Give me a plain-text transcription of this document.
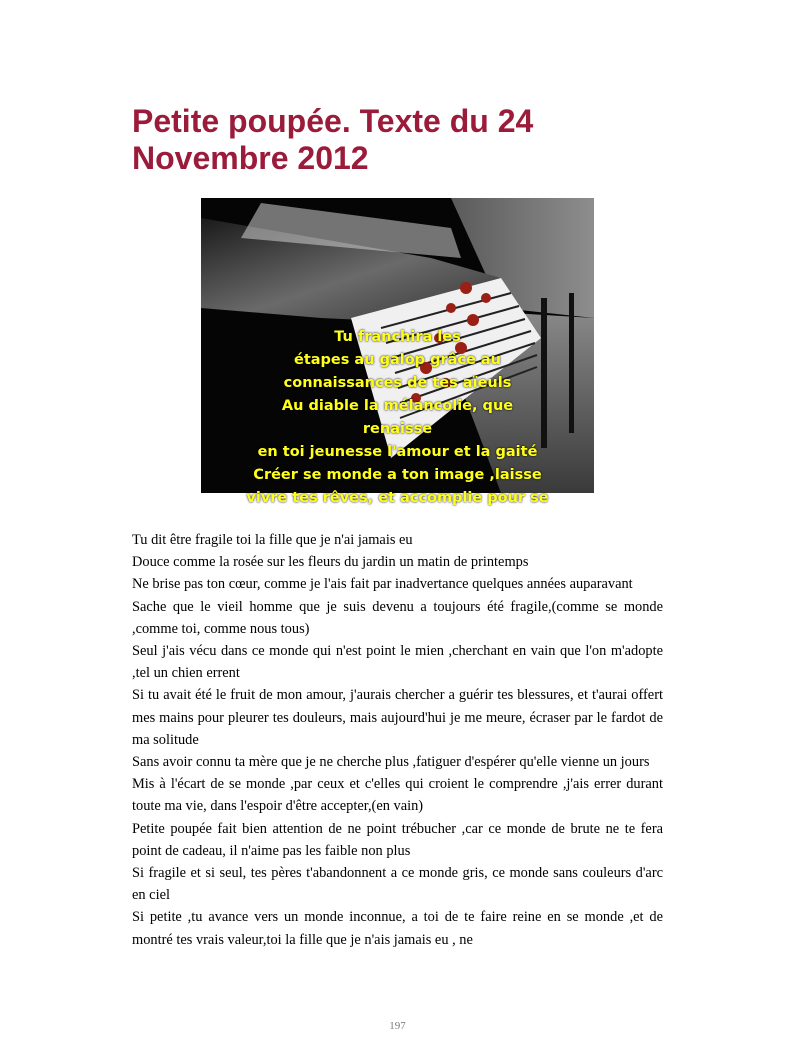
Petite poupée. Texte du 24
Novembre 2012
Tu franchira les
étapes au galop grâce au
connaissances de tes aïeuls
Au diable la mélancolie, que
renaisse
en toi jeunesse l'amour et la gaité
Créer se monde a ton image ,laisse
vivre tes rêves, et accomplie pour se

Tu dit être fragile toi la fille que je n'ai jamais eu

Douce comme la rosée sur les fleurs du jardin un matin de printemps

Ne brise pas ton cœur, comme je l'ais fait par inadvertance quelques années auparavant

Sache que le vieil homme que je suis devenu a toujours été fragile,(comme se monde ,comme toi, comme nous tous)

Seul j'ais vécu dans ce monde qui n'est point le mien ,cherchant en vain que l'on m'adopte ,tel un chien errent

Si tu avait été le fruit de mon amour, j'aurais chercher a guérir tes blessures, et t'aurai offert mes mains pour pleurer tes douleurs, mais aujourd'hui je me meure, écraser par le fardot de ma solitude

Sans avoir connu ta mère que je ne cherche plus ,fatiguer d'espérer qu'elle vienne un jours

Mis à l'écart de se monde ,par ceux et c'elles qui croient le comprendre ,j'ais errer durant toute ma vie, dans l'espoir d'être accepter,(en vain)

Petite poupée fait bien attention de ne point trébucher ,car ce monde de brute ne te fera point de cadeau, il n'aime pas les faible non plus

Si fragile et si seul, tes pères t'abandonnent a ce monde gris, ce monde sans couleurs d'arc en ciel

Si petite ,tu avance vers un monde inconnue, a toi de te faire reine en se monde ,et de montré tes vrais valeur,toi la fille que je n'ais jamais eu , ne

197
